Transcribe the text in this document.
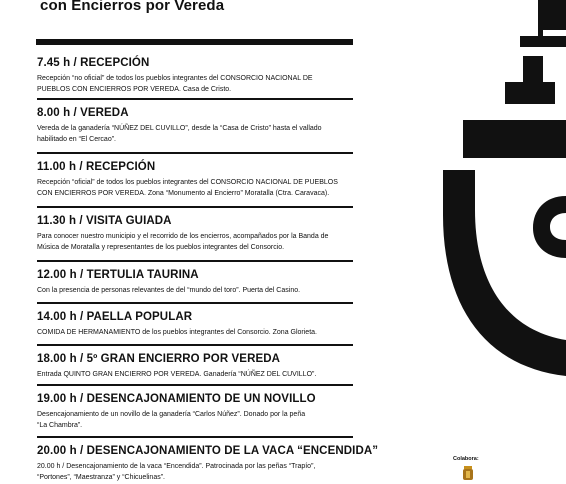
con Encierros por Vereda
7.45 h / RECEPCIÓN
Recepción “no oficial” de todos los pueblos integrantes del CONSORCIO NACIONAL DE
PUEBLOS CON ENCIERROS POR VEREDA. Casa de Cristo.
8.00 h / VEREDA
Vereda de la ganadería “NÚÑEZ DEL CUVILLO”, desde la “Casa de Cristo” hasta el vallado
habilitado en “El Cercao”.
11.00 h / RECEPCIÓN
Recepción “oficial” de todos los pueblos integrantes del CONSORCIO NACIONAL DE PUEBLOS
CON ENCIERROS POR VEREDA. Zona “Monumento al Encierro” Moratalla (Ctra. Caravaca).
11.30 h / VISITA GUIADA
Para conocer nuestro municipio y el recorrido de los encierros, acompañados por la Banda de
Música de Moratalla y representantes de los pueblos integrantes del Consorcio.
12.00 h / TERTULIA TAURINA
Con la presencia de personas relevantes de del “mundo del toro”. Puerta del Casino.
14.00 h / PAELLA POPULAR
COMIDA DE HERMANAMIENTO de los pueblos integrantes del Consorcio. Zona Glorieta.
18.00 h / 5º GRAN ENCIERRO POR VEREDA
Entrada QUINTO GRAN ENCIERRO POR VEREDA. Ganadería “NÚÑEZ DEL CUVILLO”.
19.00 h / DESENCAJONAMIENTO DE UN NOVILLO
Desencajonamiento de un novillo de la ganadería “Carlos Núñez”. Donado por la peña
“La Chambra”.
20.00 h / DESENCAJONAMIENTO DE LA VACA “ENCENDIDA”
20.00 h / Desencajonamiento de la vaca “Encendida”. Patrocinada por las peñas “Trapío”,
“Portones”, “Maestranza” y “Chicuelinas”.
Colabora:
